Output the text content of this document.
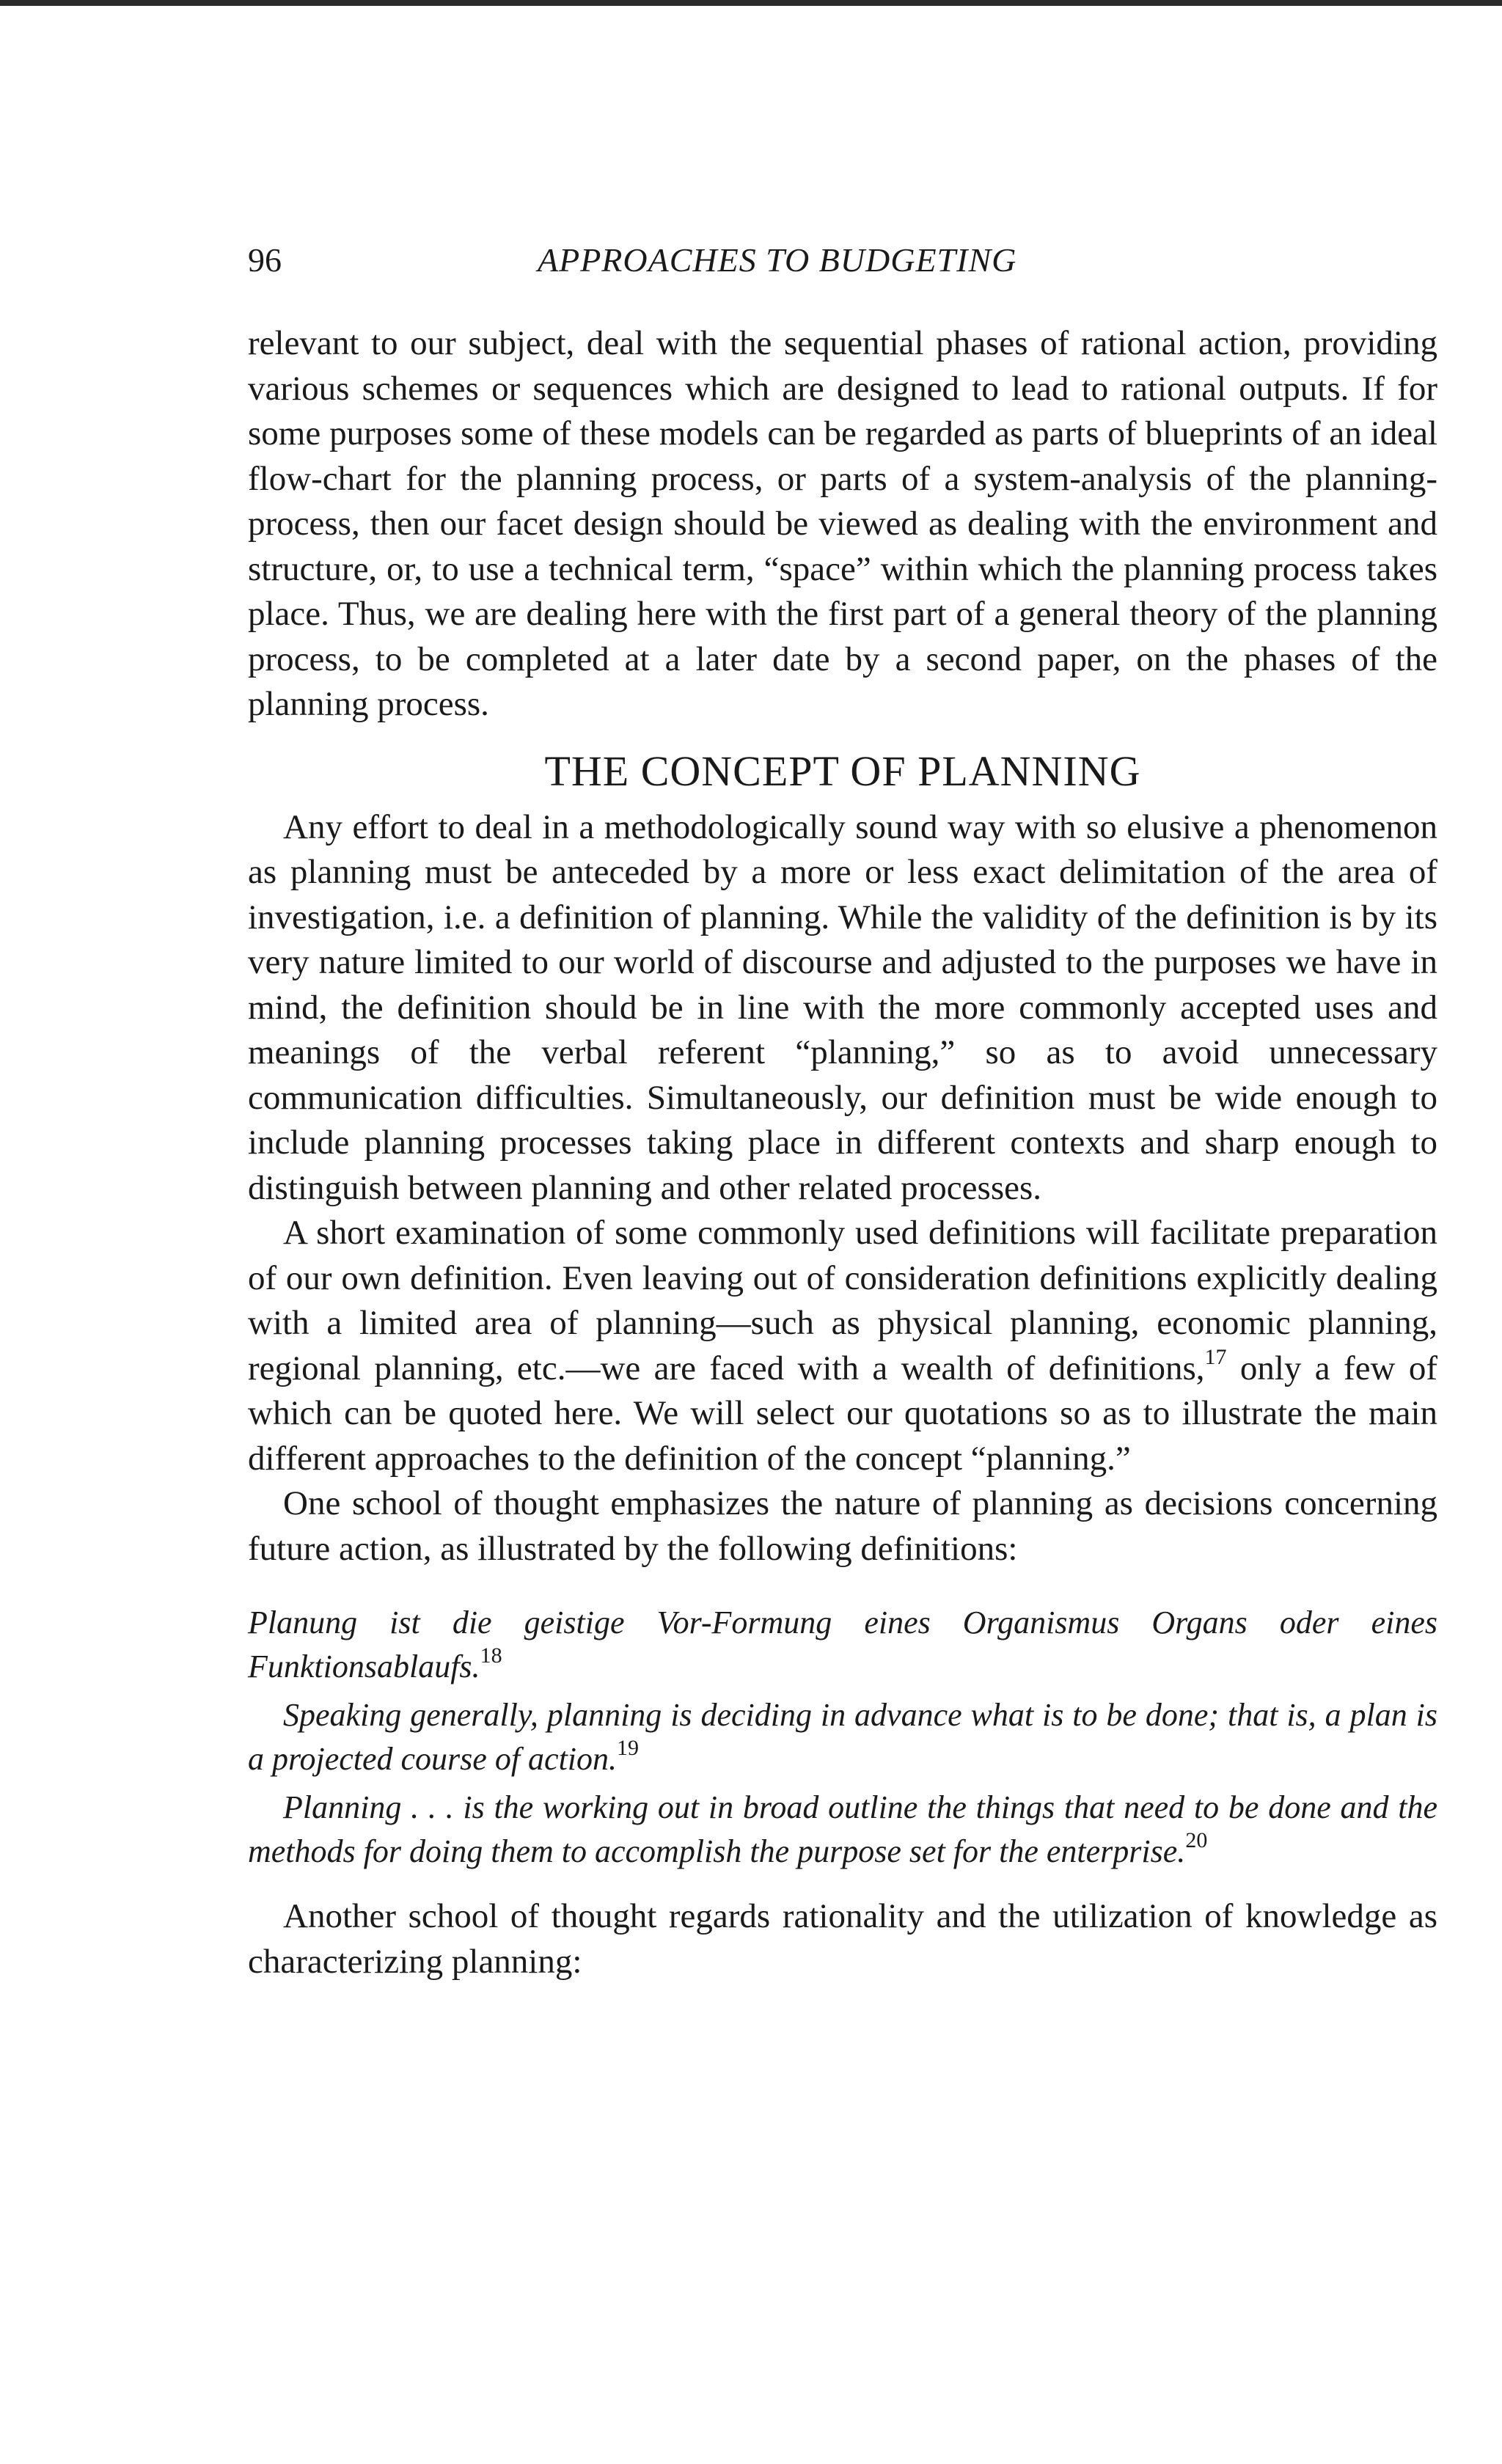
96	APPROACHES TO BUDGETING

relevant to our subject, deal with the sequential phases of rational action, providing various schemes or sequences which are designed to lead to rational outputs. If for some purposes some of these models can be regarded as parts of blueprints of an ideal flow-chart for the planning process, or parts of a system-analysis of the planning-process, then our facet design should be viewed as dealing with the environment and structure, or, to use a technical term, “space” within which the planning process takes place. Thus, we are dealing here with the first part of a general theory of the planning process, to be completed at a later date by a second paper, on the phases of the planning process.

THE CONCEPT OF PLANNING

Any effort to deal in a methodologically sound way with so elusive a phenomenon as planning must be anteceded by a more or less exact delimitation of the area of investigation, i.e. a definition of planning. While the validity of the definition is by its very nature limited to our world of discourse and adjusted to the purposes we have in mind, the definition should be in line with the more commonly accepted uses and meanings of the verbal referent “planning,” so as to avoid unnecessary communication difficulties. Simultaneously, our definition must be wide enough to include planning processes taking place in different contexts and sharp enough to distinguish between planning and other related processes.

A short examination of some commonly used definitions will facilitate preparation of our own definition. Even leaving out of consideration definitions explicitly dealing with a limited area of planning—such as physical planning, economic planning, regional planning, etc.—we are faced with a wealth of definitions,$^{17}$ only a few of which can be quoted here. We will select our quotations so as to illustrate the main different approaches to the definition of the concept “planning.”

One school of thought emphasizes the nature of planning as decisions concerning future action, as illustrated by the following definitions:

Planung ist die geistige Vor-Formung eines Organismus Organs oder eines Funktionsablaufs.$^{18}$

Speaking generally, planning is deciding in advance what is to be done; that is, a plan is a projected course of action.$^{19}$

Planning . . . is the working out in broad outline the things that need to be done and the methods for doing them to accomplish the purpose set for the enterprise.$^{20}$

Another school of thought regards rationality and the utilization of knowledge as characterizing planning:
